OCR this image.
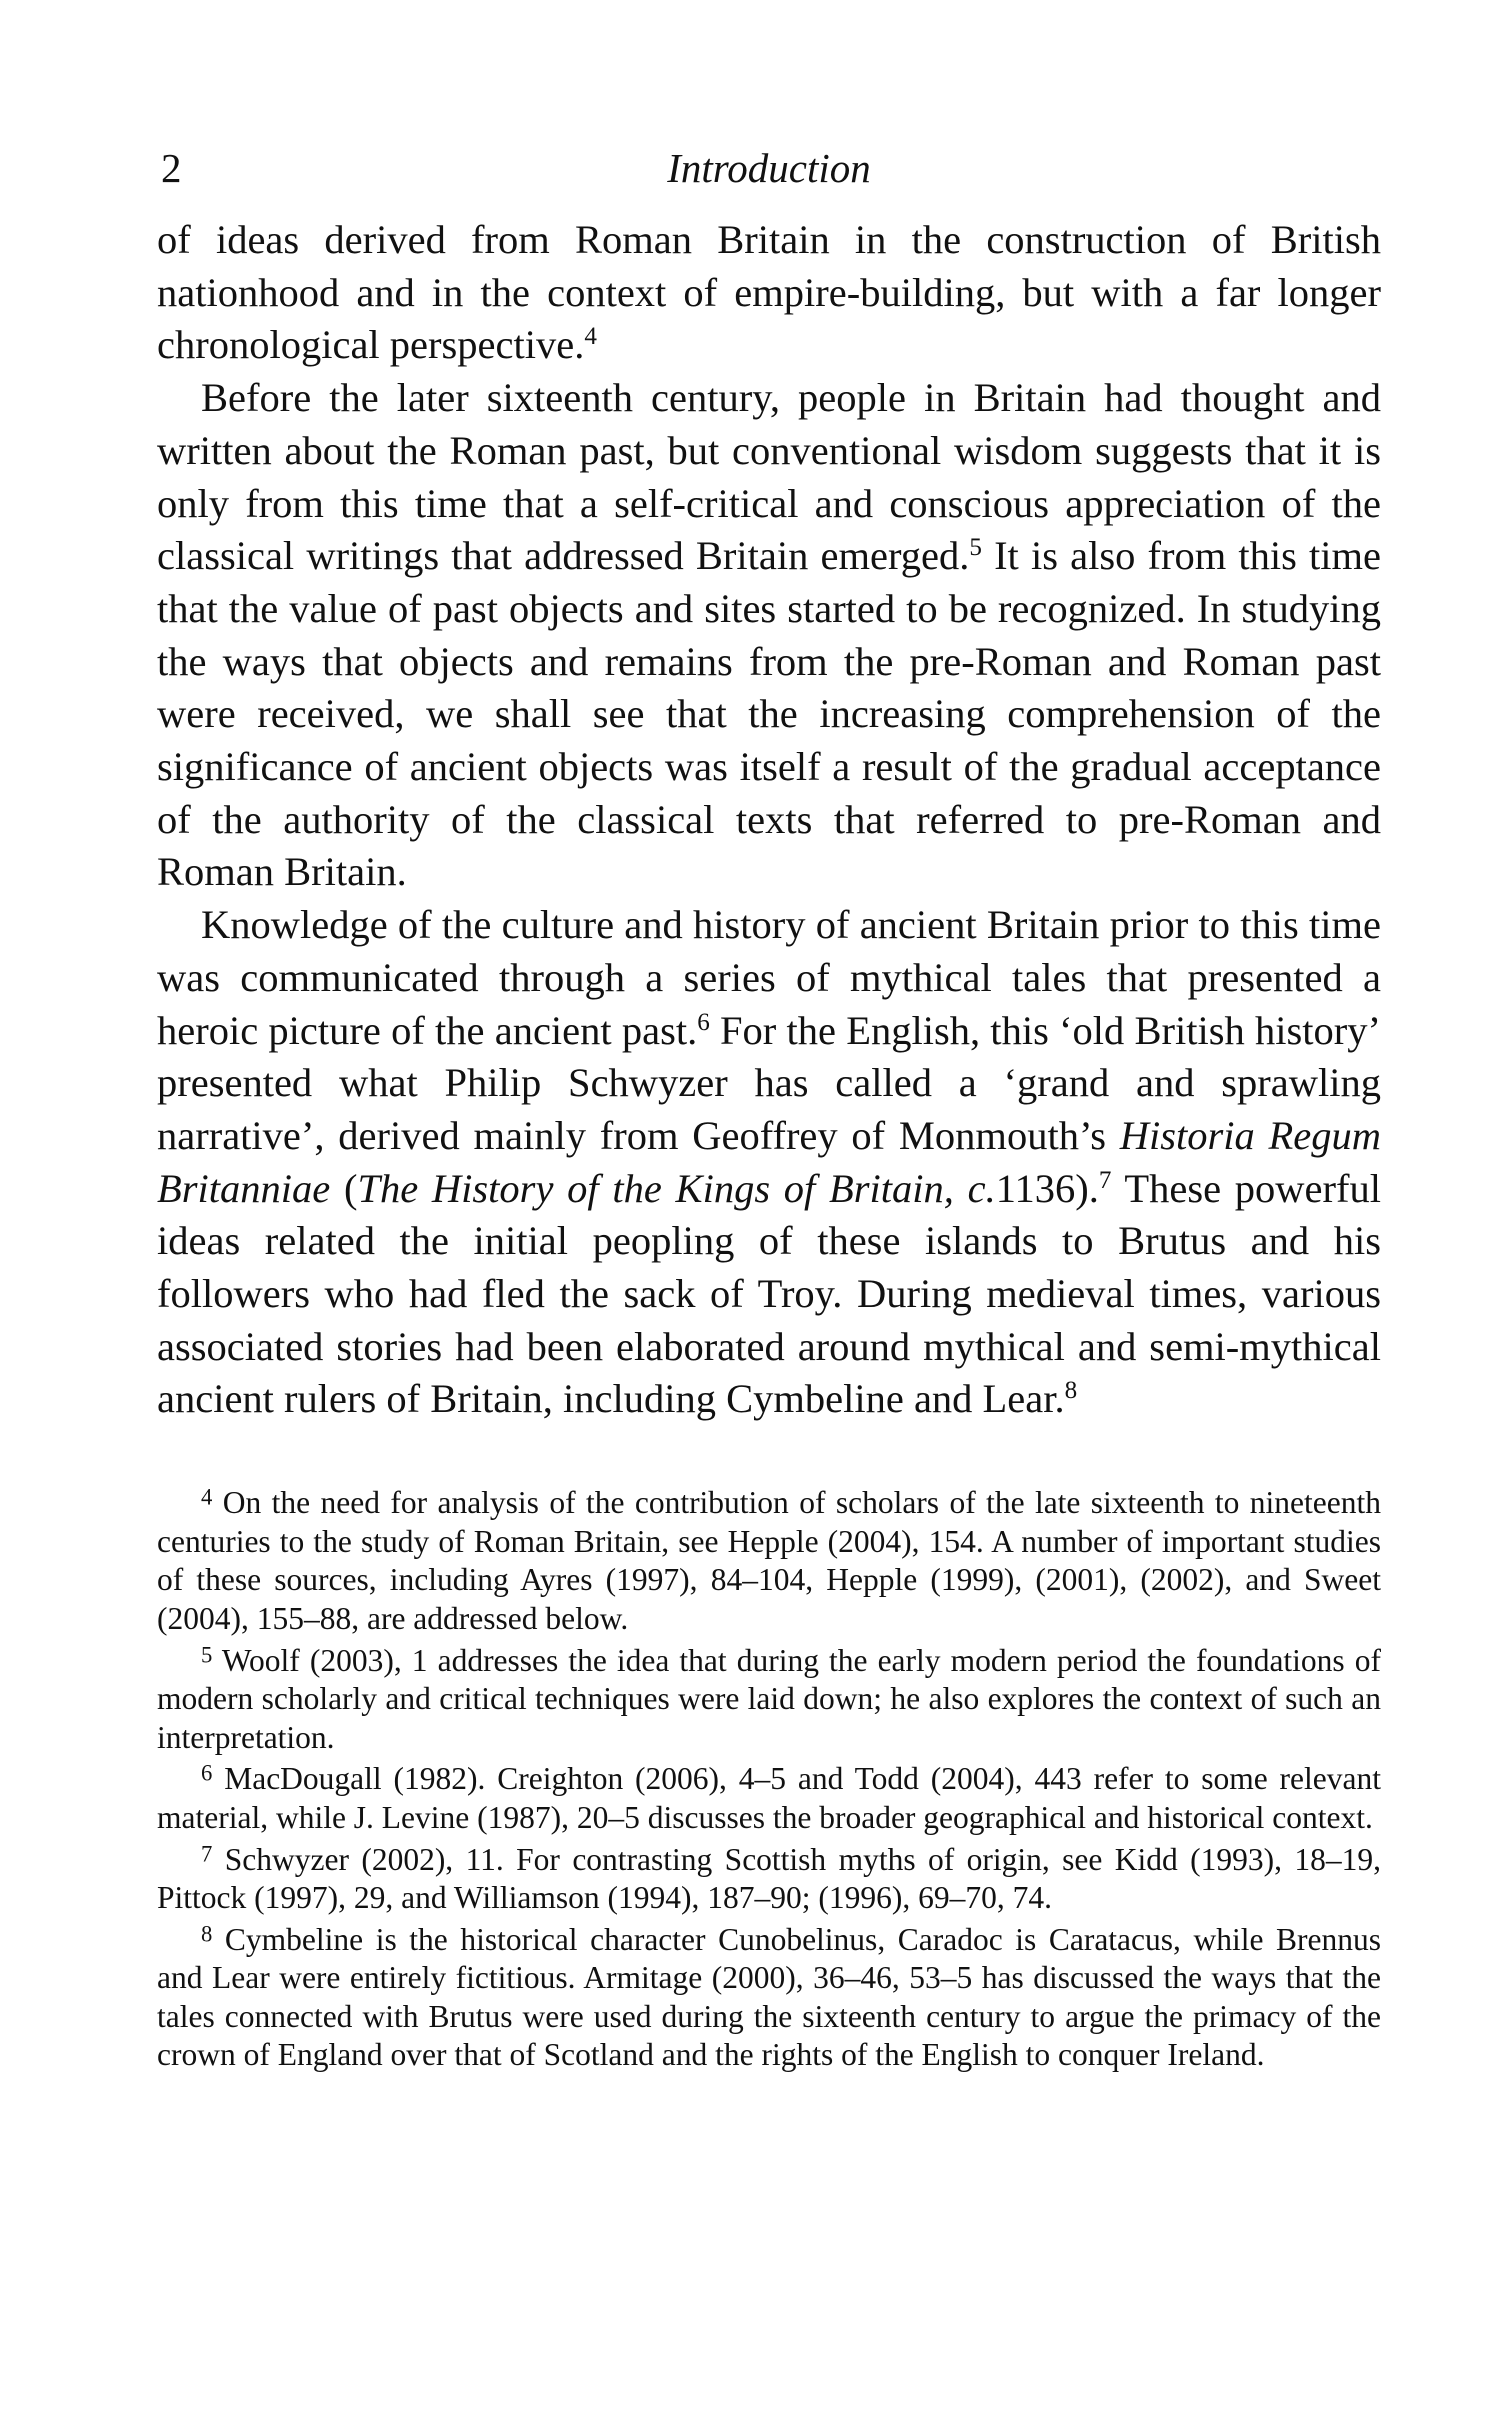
2	Introduction

of ideas derived from Roman Britain in the construction of British nationhood and in the context of empire-building, but with a far longer chronological perspective.$^4$

Before the later sixteenth century, people in Britain had thought and written about the Roman past, but conventional wisdom suggests that it is only from this time that a self-critical and conscious appreciation of the classical writings that addressed Britain emerged.$^5$ It is also from this time that the value of past objects and sites started to be recognized. In studying the ways that objects and remains from the pre-Roman and Roman past were received, we shall see that the increasing comprehension of the significance of ancient objects was itself a result of the gradual acceptance of the authority of the classical texts that referred to pre-Roman and Roman Britain.

Knowledge of the culture and history of ancient Britain prior to this time was communicated through a series of mythical tales that presented a heroic picture of the ancient past.$^6$ For the English, this ‘old British history’ presented what Philip Schwyzer has called a ‘grand and sprawling narrative’, derived mainly from Geoffrey of Monmouth’s Historia Regum Britanniae (The History of the Kings of Britain, c.1136).$^7$ These powerful ideas related the initial peopling of these islands to Brutus and his followers who had fled the sack of Troy. During medieval times, various associated stories had been elaborated around mythical and semi-mythical ancient rulers of Britain, including Cymbeline and Lear.$^8$

$^4$ On the need for analysis of the contribution of scholars of the late sixteenth to nineteenth centuries to the study of Roman Britain, see Hepple (2004), 154. A number of important studies of these sources, including Ayres (1997), 84–104, Hepple (1999), (2001), (2002), and Sweet (2004), 155–88, are addressed below.

$^5$ Woolf (2003), 1 addresses the idea that during the early modern period the foundations of modern scholarly and critical techniques were laid down; he also explores the context of such an interpretation.

$^6$ MacDougall (1982). Creighton (2006), 4–5 and Todd (2004), 443 refer to some relevant material, while J. Levine (1987), 20–5 discusses the broader geographical and historical context.

$^7$ Schwyzer (2002), 11. For contrasting Scottish myths of origin, see Kidd (1993), 18–19, Pittock (1997), 29, and Williamson (1994), 187–90; (1996), 69–70, 74.

$^8$ Cymbeline is the historical character Cunobelinus, Caradoc is Caratacus, while Brennus and Lear were entirely fictitious. Armitage (2000), 36–46, 53–5 has discussed the ways that the tales connected with Brutus were used during the sixteenth century to argue the primacy of the crown of England over that of Scotland and the rights of the English to conquer Ireland.
